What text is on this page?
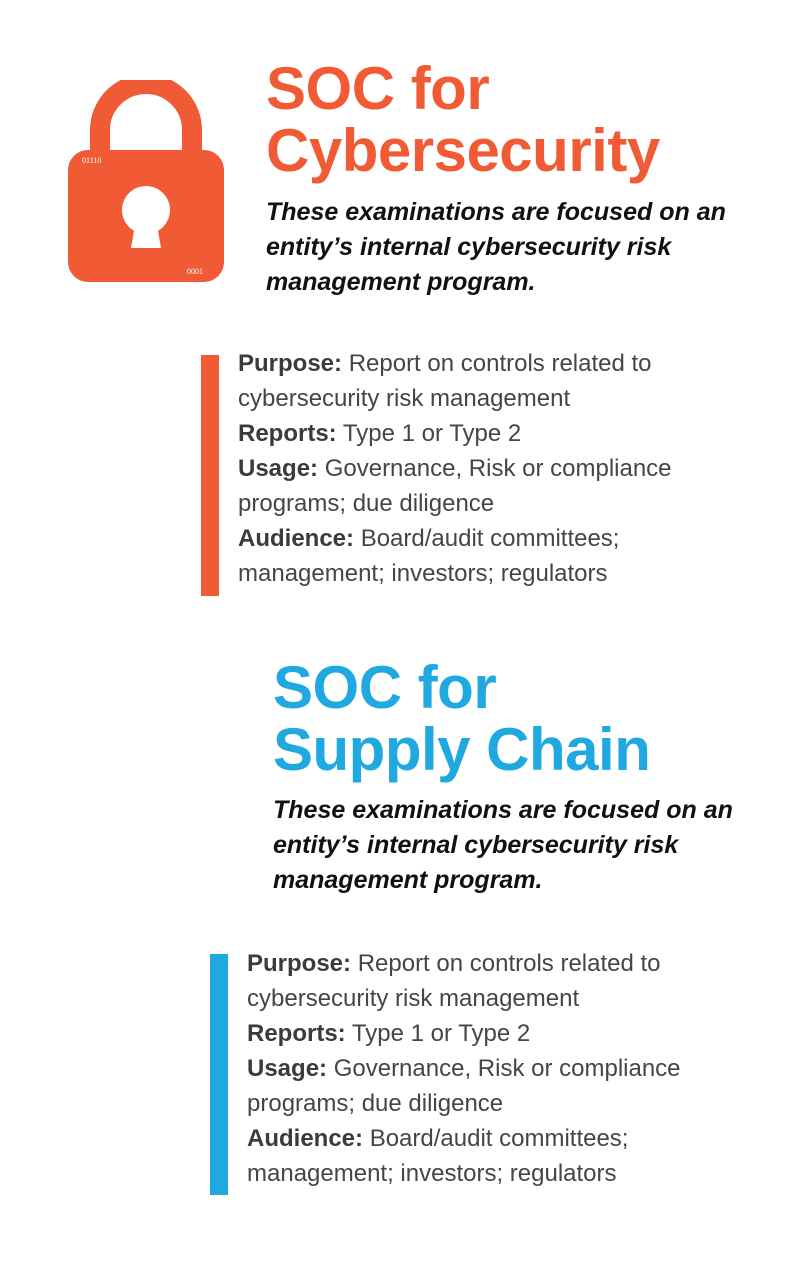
01110
0001
SOC for
Cybersecurity

These examinations are focused on an entity’s internal cybersecurity risk management program.

Purpose: Report on controls related to cybersecurity risk management

Reports: Type 1 or Type 2

Usage: Governance, Risk or compliance programs; due diligence

Audience: Board/audit committees; management; investors; regulators

SOC for
Supply Chain

These examinations are focused on an entity’s internal cybersecurity risk management program.

Purpose: Report on controls related to cybersecurity risk management

Reports: Type 1 or Type 2

Usage: Governance, Risk or compliance programs; due diligence

Audience: Board/audit committees; management; investors; regulators
